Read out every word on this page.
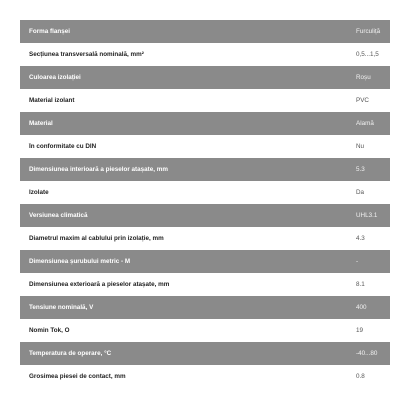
Forma flanșei	Furculiță
Secțiunea transversală nominală, mm²	0,5...1,5
Culoarea izolației	Roșu
Material izolant	PVC
Material	Alamă
În conformitate cu DIN	Nu
Dimensiunea interioară a pieselor atașate, mm	5.3
Izolate	Da
Versiunea climatică	UHL3.1
Diametrul maxim al cablului prin izolație, mm	4.3
Dimensiunea șurubului metric - M	-
Dimensiunea exterioară a pieselor atașate, mm	8.1
Tensiune nominală, V	400
Nomin Tok, O	19
Temperatura de operare, °C	-40...80
Grosimea piesei de contact, mm	0.8
